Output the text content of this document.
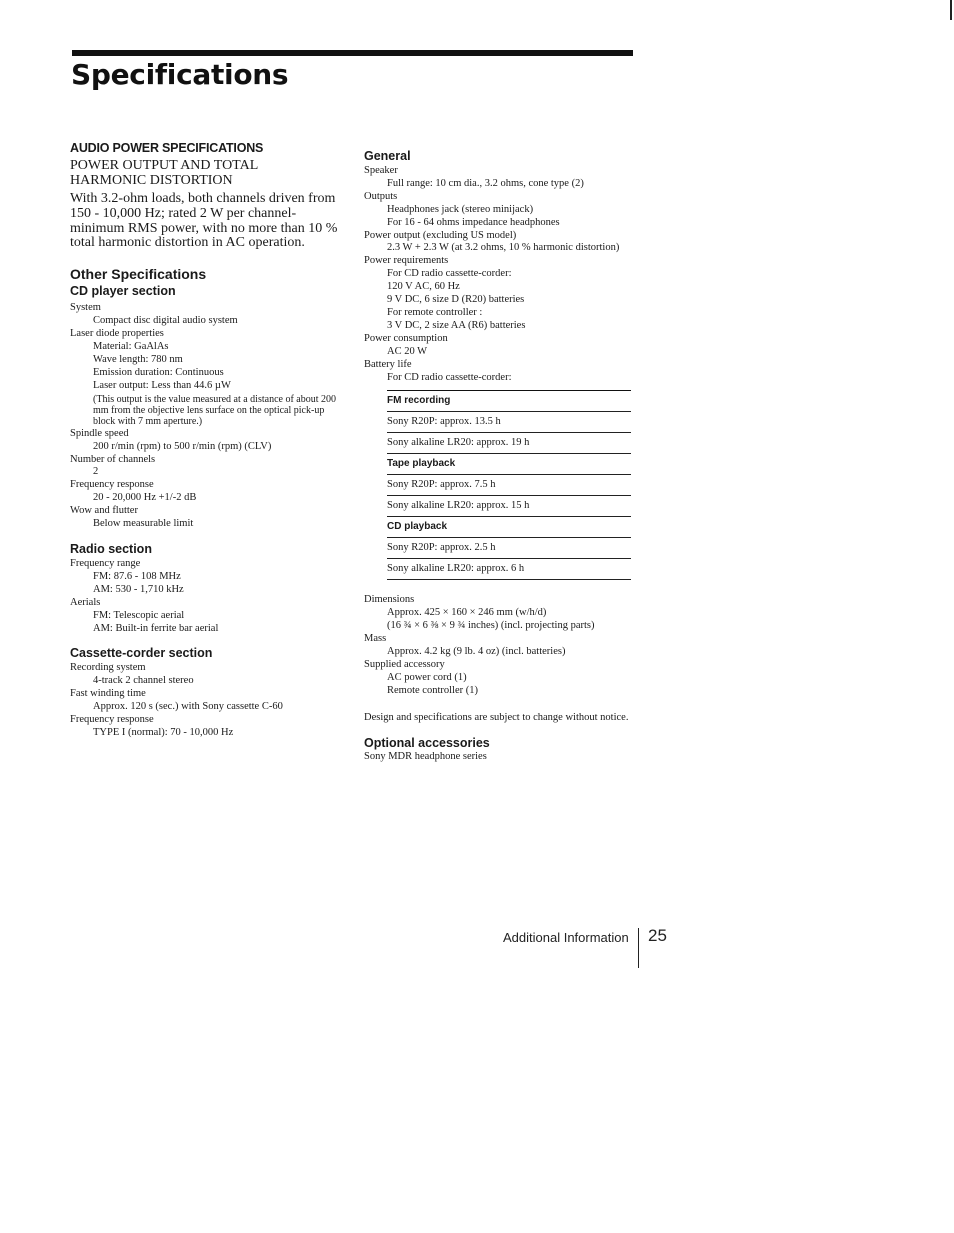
Specifications

AUDIO POWER SPECIFICATIONS

POWER OUTPUT AND TOTAL
HARMONIC DISTORTION

With 3.2-ohm loads, both channels driven from 150 - 10,000 Hz; rated 2 W per channel-minimum RMS power, with no more than 10 % total harmonic distortion in AC operation.

Other Specifications

CD player section

System
Compact disc digital audio system
Laser diode properties
Material: GaAlAs
Wave length: 780 nm
Emission duration: Continuous
Laser output: Less than 44.6 µW
(This output is the value measured at a distance of about 200 mm from the objective lens surface on the optical pick-up block with 7 mm aperture.)
Spindle speed
200 r/min (rpm) to 500 r/min (rpm) (CLV)
Number of channels
2
Frequency response
20 - 20,000 Hz +1/-2 dB
Wow and flutter
Below measurable limit

Radio section

Frequency range
FM: 87.6 - 108 MHz
AM: 530 - 1,710 kHz
Aerials
FM: Telescopic aerial
AM: Built-in ferrite bar aerial

Cassette-corder section

Recording system
4-track 2 channel stereo
Fast winding time
Approx. 120 s (sec.) with Sony cassette C-60
Frequency response
TYPE I (normal): 70 - 10,000 Hz

General

Speaker
Full range: 10 cm dia., 3.2 ohms, cone type (2)
Outputs
Headphones jack (stereo minijack)
For 16 - 64 ohms impedance headphones
Power output (excluding US model)
2.3 W + 2.3 W (at 3.2 ohms, 10 % harmonic distortion)
Power requirements
For CD radio cassette-corder:
120 V AC, 60 Hz
9 V DC, 6 size D (R20) batteries
For remote controller :
3 V DC, 2 size AA (R6) batteries
Power consumption
AC 20 W
Battery life
For CD radio cassette-corder:
FM recording
Sony R20P: approx. 13.5 h
Sony alkaline LR20: approx. 19 h
Tape playback
Sony R20P: approx. 7.5 h
Sony alkaline LR20: approx. 15 h
CD playback
Sony R20P: approx. 2.5 h
Sony alkaline LR20: approx. 6 h
Dimensions
Approx. 425 × 160 × 246 mm (w/h/d)
(16 ¾ × 6 ⅜ × 9 ¾ inches) (incl. projecting parts)
Mass
Approx. 4.2 kg (9 lb. 4 oz) (incl. batteries)
Supplied accessory
AC power cord (1)
Remote controller (1)
Design and specifications are subject to change without notice.

Optional accessories

Sony MDR headphone series
Additional Information 25
